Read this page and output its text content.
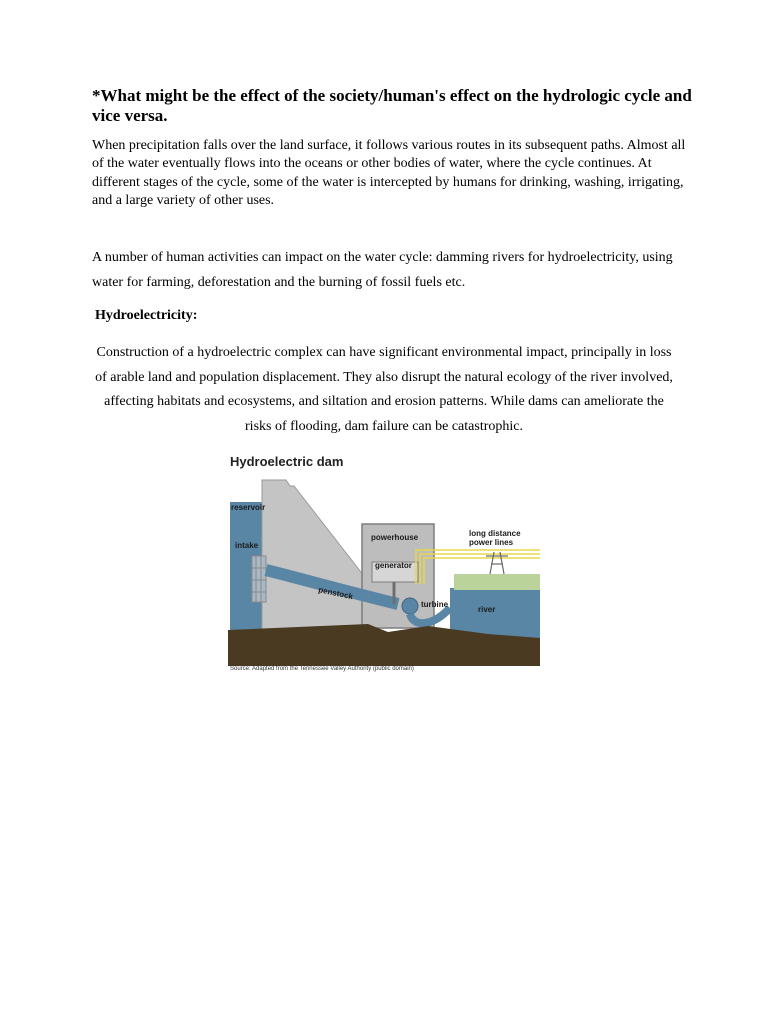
*What might be the effect of the society/human's effect on the hydrologic cycle and vice versa.

When precipitation falls over the land surface, it follows various routes in its subsequent paths. Almost all of the water eventually flows into the oceans or other bodies of water, where the cycle continues. At different stages of the cycle, some of the water is intercepted by humans for drinking, washing, irrigating, and a large variety of other uses.

A number of human activities can impact on the water cycle: damming rivers for hydroelectricity, using water for farming, deforestation and the burning of fossil fuels etc.

Hydroelectricity:

Construction of a hydroelectric complex can have significant environmental impact, principally in loss of arable land and population displacement. They also disrupt the natural ecology of the river involved, affecting habitats and ecosystems, and siltation and erosion patterns. While dams can ameliorate the risks of flooding, dam failure can be catastrophic.

Hydroelectric dam
reservoir
intake
powerhouse
generator
long distance
power lines
penstock
turbine
river
Source: Adapted from the Tennessee Valley Authority (public domain)
